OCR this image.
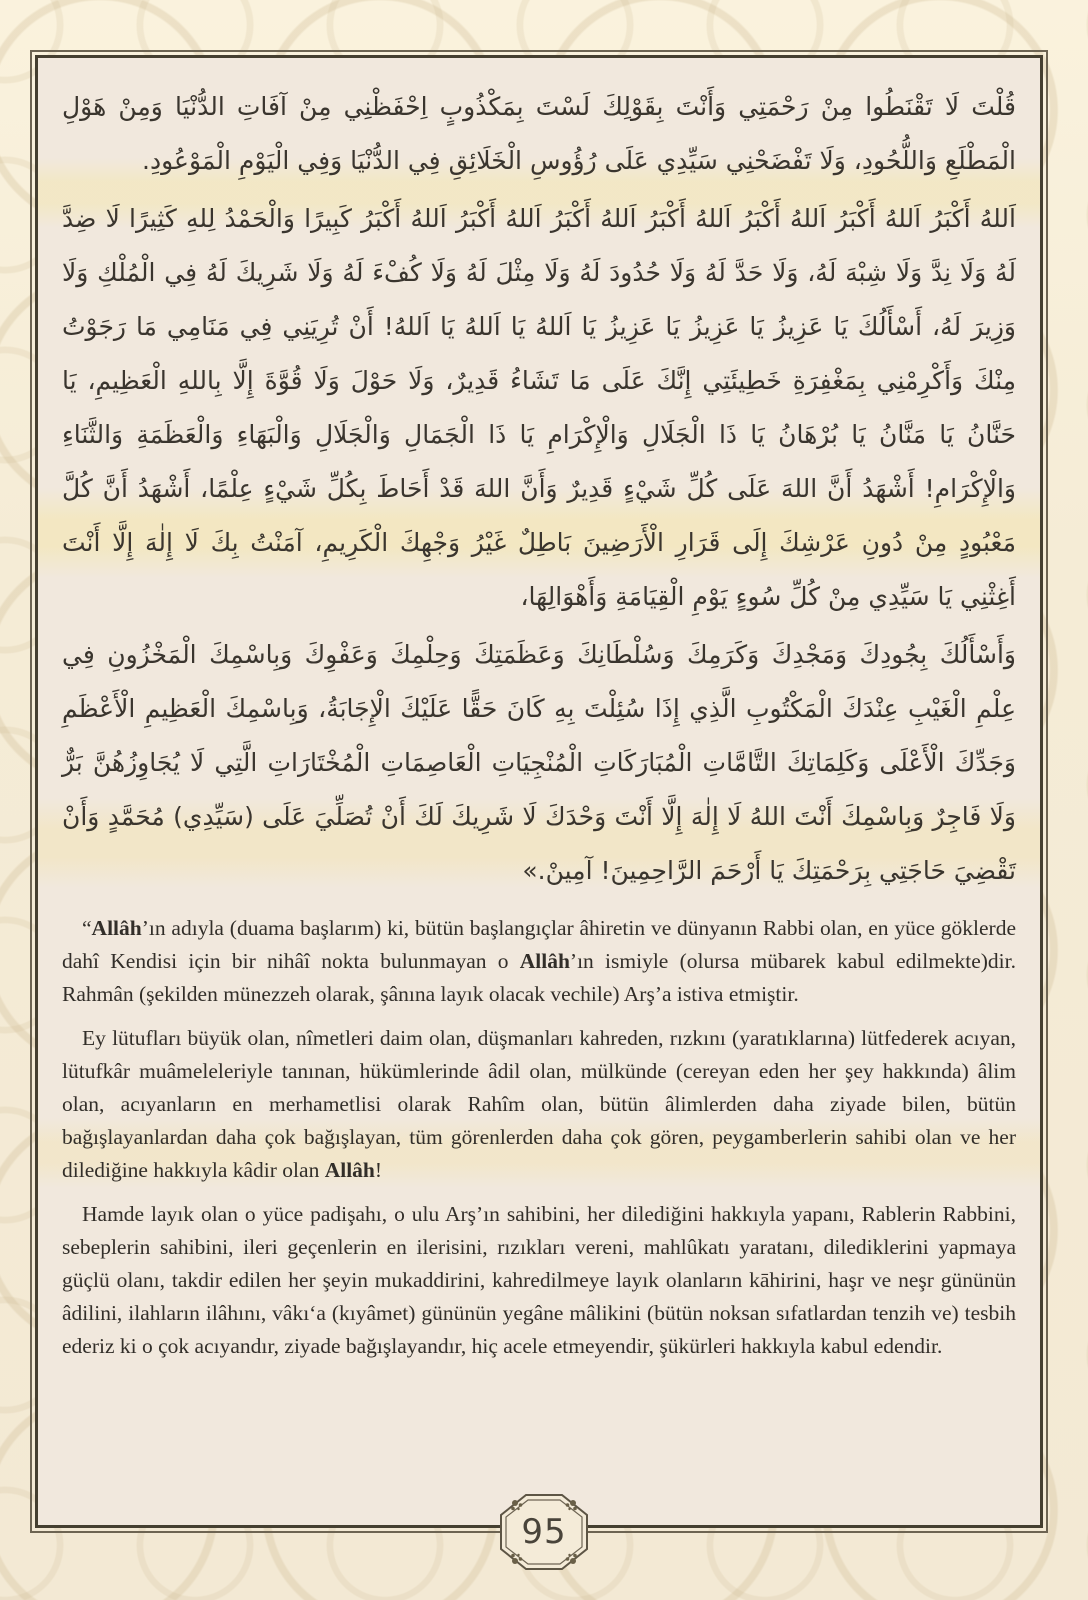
قُلْتَ لَا تَقْنَطُوا مِنْ رَحْمَتِي وَأَنْتَ بِقَوْلِكَ لَسْتَ بِمَكْذُوبٍ اِحْفَظْنِي مِنْ آفَاتِ الدُّنْيَا وَمِنْ هَوْلِ الْمَطْلَعِ وَاللُّحُودِ، وَلَا تَفْضَحْنِي سَيِّدِي عَلَى رُؤُوسِ الْخَلَائِقِ فِي الدُّنْيَا وَفِي الْيَوْمِ الْمَوْعُودِ.

اَللهُ أَكْبَرُ اَللهُ أَكْبَرُ اَللهُ أَكْبَرُ اَللهُ أَكْبَرُ اَللهُ أَكْبَرُ اَللهُ أَكْبَرُ اَللهُ أَكْبَرُ كَبِيرًا وَالْحَمْدُ لِلهِ كَثِيرًا لَا ضِدَّ لَهُ وَلَا نِدَّ وَلَا شِبْهَ لَهُ، وَلَا حَدَّ لَهُ وَلَا حُدُودَ لَهُ وَلَا مِثْلَ لَهُ وَلَا كُفْءَ لَهُ وَلَا شَرِيكَ لَهُ فِي الْمُلْكِ وَلَا وَزِيرَ لَهُ، أَسْأَلُكَ يَا عَزِيزُ يَا عَزِيزُ يَا عَزِيزُ يَا اَللهُ يَا اَللهُ يَا اَللهُ! أَنْ تُرِيَنِي فِي مَنَامِي مَا رَجَوْتُ مِنْكَ وَأَكْرِمْنِي بِمَغْفِرَةِ خَطِيئَتِي إِنَّكَ عَلَى مَا تَشَاءُ قَدِيرٌ، وَلَا حَوْلَ وَلَا قُوَّةَ إِلَّا بِاللهِ الْعَظِيمِ، يَا حَنَّانُ يَا مَنَّانُ يَا بُرْهَانُ يَا ذَا الْجَلَالِ وَالْإِكْرَامِ يَا ذَا الْجَمَالِ وَالْجَلَالِ وَالْبَهَاءِ وَالْعَظَمَةِ وَالثَّنَاءِ وَالْإِكْرَامِ! أَشْهَدُ أَنَّ اللهَ عَلَى كُلِّ شَيْءٍ قَدِيرٌ وَأَنَّ اللهَ قَدْ أَحَاطَ بِكُلِّ شَيْءٍ عِلْمًا، أَشْهَدُ أَنَّ كُلَّ مَعْبُودٍ مِنْ دُونِ عَرْشِكَ إِلَى قَرَارِ الْأَرَضِينَ بَاطِلٌ غَيْرُ وَجْهِكَ الْكَرِيمِ، آمَنْتُ بِكَ لَا إِلٰهَ إِلَّا أَنْتَ أَغِثْنِي يَا سَيِّدِي مِنْ كُلِّ سُوءٍ يَوْمِ الْقِيَامَةِ وَأَهْوَالِهَا،

وَأَسْأَلُكَ بِجُودِكَ وَمَجْدِكَ وَكَرَمِكَ وَسُلْطَانِكَ وَعَظَمَتِكَ وَحِلْمِكَ وَعَفْوِكَ وَبِاسْمِكَ الْمَخْزُونِ فِي عِلْمِ الْغَيْبِ عِنْدَكَ الْمَكْتُوبِ الَّذِي إِذَا سُئِلْتَ بِهِ كَانَ حَقًّا عَلَيْكَ الْإِجَابَةُ، وَبِاسْمِكَ الْعَظِيمِ الْأَعْظَمِ وَجَدِّكَ الْأَعْلَى وَكَلِمَاتِكَ التَّامَّاتِ الْمُبَارَكَاتِ الْمُنْجِيَاتِ الْعَاصِمَاتِ الْمُخْتَارَاتِ الَّتِي لَا يُجَاوِزُهُنَّ بَرٌّ وَلَا فَاجِرٌ وَبِاسْمِكَ أَنْتَ اللهُ لَا إِلٰهَ إِلَّا أَنْتَ وَحْدَكَ لَا شَرِيكَ لَكَ أَنْ تُصَلِّيَ عَلَى (سَيِّدِي) مُحَمَّدٍ وَأَنْ تَقْضِيَ حَاجَتِي بِرَحْمَتِكَ يَا أَرْحَمَ الرَّاحِمِينَ! آمِينْ.»

“Allâh’ın adıyla (duama başlarım) ki, bütün başlangıçlar âhiretin ve dünyanın Rabbi olan, en yüce göklerde dahî Kendisi için bir nihâî nokta bulunmayan o Allâh’ın ismiyle (olursa mübarek kabul edilmekte)dir. Rahmân (şekilden münezzeh olarak, şânına layık olacak vechile) Arş’a istiva etmiştir.

Ey lütufları büyük olan, nîmetleri daim olan, düşmanları kahreden, rızkını (yaratıklarına) lütfederek acıyan, lütufkâr muâmeleleriyle tanınan, hükümlerinde âdil olan, mülkünde (cereyan eden her şey hakkında) âlim olan, acıyanların en merhametlisi olarak Rahîm olan, bütün âlimlerden daha ziyade bilen, bütün bağışlayanlardan daha çok bağışlayan, tüm görenlerden daha çok gören, peygamberlerin sahibi olan ve her dilediğine hakkıyla kâdir olan Allâh!

Hamde layık olan o yüce padişahı, o ulu Arş’ın sahibini, her dilediğini hakkıyla yapanı, Rablerin Rabbini, sebeplerin sahibini, ileri geçenlerin en ilerisini, rızıkları vereni, mahlûkatı yaratanı, dilediklerini yapmaya güçlü olanı, takdir edilen her şeyin mukaddirini, kahredilmeye layık olanların kāhirini, haşr ve neşr gününün âdilini, ilahların ilâhını, vâkı‘a (kıyâmet) gününün yegâne mâlikini (bütün noksan sıfatlardan tenzih ve) tesbih ederiz ki o çok acıyandır, ziyade bağışlayandır, hiç acele etmeyendir, şükürleri hakkıyla kabul edendir.

95
